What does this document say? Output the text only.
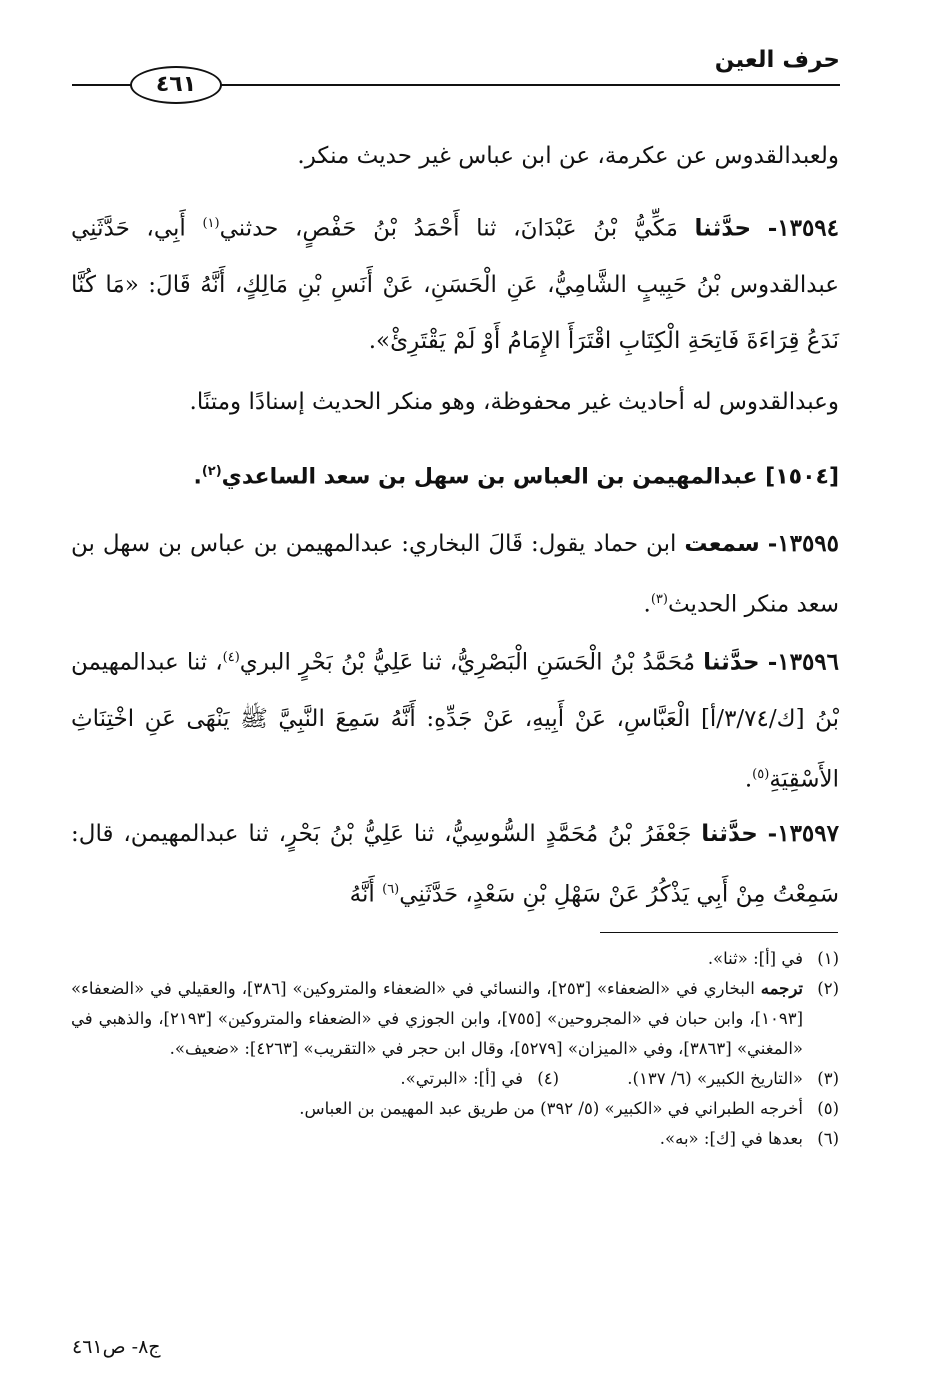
حرف العين
٤٦١

ولعبدالقدوس عن عكرمة، عن ابن عباس غير حديث منكر.

١٣٥٩٤- حدَّثنا مَكِّيُّ بْنُ عَبْدَانَ، ثنا أَحْمَدُ بْنُ حَفْصٍ، حدثني$^{(١)}$ أَبِي، حَدَّثَنِي عبدالقدوس بْنُ حَبِيبٍ الشَّامِيُّ، عَنِ الْحَسَنِ، عَنْ أَنَسِ بْنِ مَالِكٍ، أَنَّهُ قَالَ: «مَا كُنَّا نَدَعُ قِرَاءَةَ فَاتِحَةِ الْكِتَابِ اقْتَرَأَ الإِمَامُ أَوْ لَمْ يَقْتَرِئْ».

وعبدالقدوس له أحاديث غير محفوظة، وهو منكر الحديث إسنادًا ومتنًا.

[١٥٠٤] عبدالمهيمن بن العباس بن سهل بن سعد الساعدي$^{(٢)}$.

١٣٥٩٥- سمعت ابن حماد يقول: قَالَ البخاري: عبدالمهيمن بن عباس بن سهل بن سعد منكر الحديث$^{(٣)}$.

١٣٥٩٦- حدَّثنا مُحَمَّدُ بْنُ الْحَسَنِ الْبَصْرِيُّ، ثنا عَلِيُّ بْنُ بَحْرٍ البري$^{(٤)}$، ثنا عبدالمهيمن بْنُ [ك/٣/٧٤/أ] الْعَبَّاسِ، عَنْ أَبِيهِ، عَنْ جَدِّهِ: أَنَّهُ سَمِعَ النَّبِيَّ ﷺ يَنْهَى عَنِ اخْتِنَاثِ الأَسْقِيَةِ$^{(٥)}$.

١٣٥٩٧- حدَّثنا جَعْفَرُ بْنُ مُحَمَّدٍ السُّوسِيُّ، ثنا عَلِيُّ بْنُ بَحْرٍ، ثنا عبدالمهيمن، قال: سَمِعْتُ مِنْ أَبِي يَذْكُرُ عَنْ سَهْلِ بْنِ سَعْدٍ، حَدَّثَنِي$^{(٦)}$ أَنَّهُ

(١)
في [أ]: «ثنا».
(٢)
ترجمه البخاري في «الضعفاء» [٢٥٣]، والنسائي في «الضعفاء والمتروكين» [٣٨٦]، والعقيلي في «الضعفاء» [١٠٩٣]، وابن حبان في «المجروحين» [٧٥٥]، وابن الجوزي في «الضعفاء والمتروكين» [٢١٩٣]، والذهبي في «المغني» [٣٨٦٣]، وفي «الميزان» [٥٢٧٩]، وقال ابن حجر في «التقريب» [٤٢٦٣]: «ضعيف».
(٣)
«التاريخ الكبير» (٦/ ١٣٧).
(٤)
في [أ]: «البرتي».
(٥)
أخرجه الطبراني في «الكبير» (٥/ ٣٩٢) من طريق عبد المهيمن بن العباس.
(٦)
بعدها في [ك]: «به».
ج٨- ص٤٦١
